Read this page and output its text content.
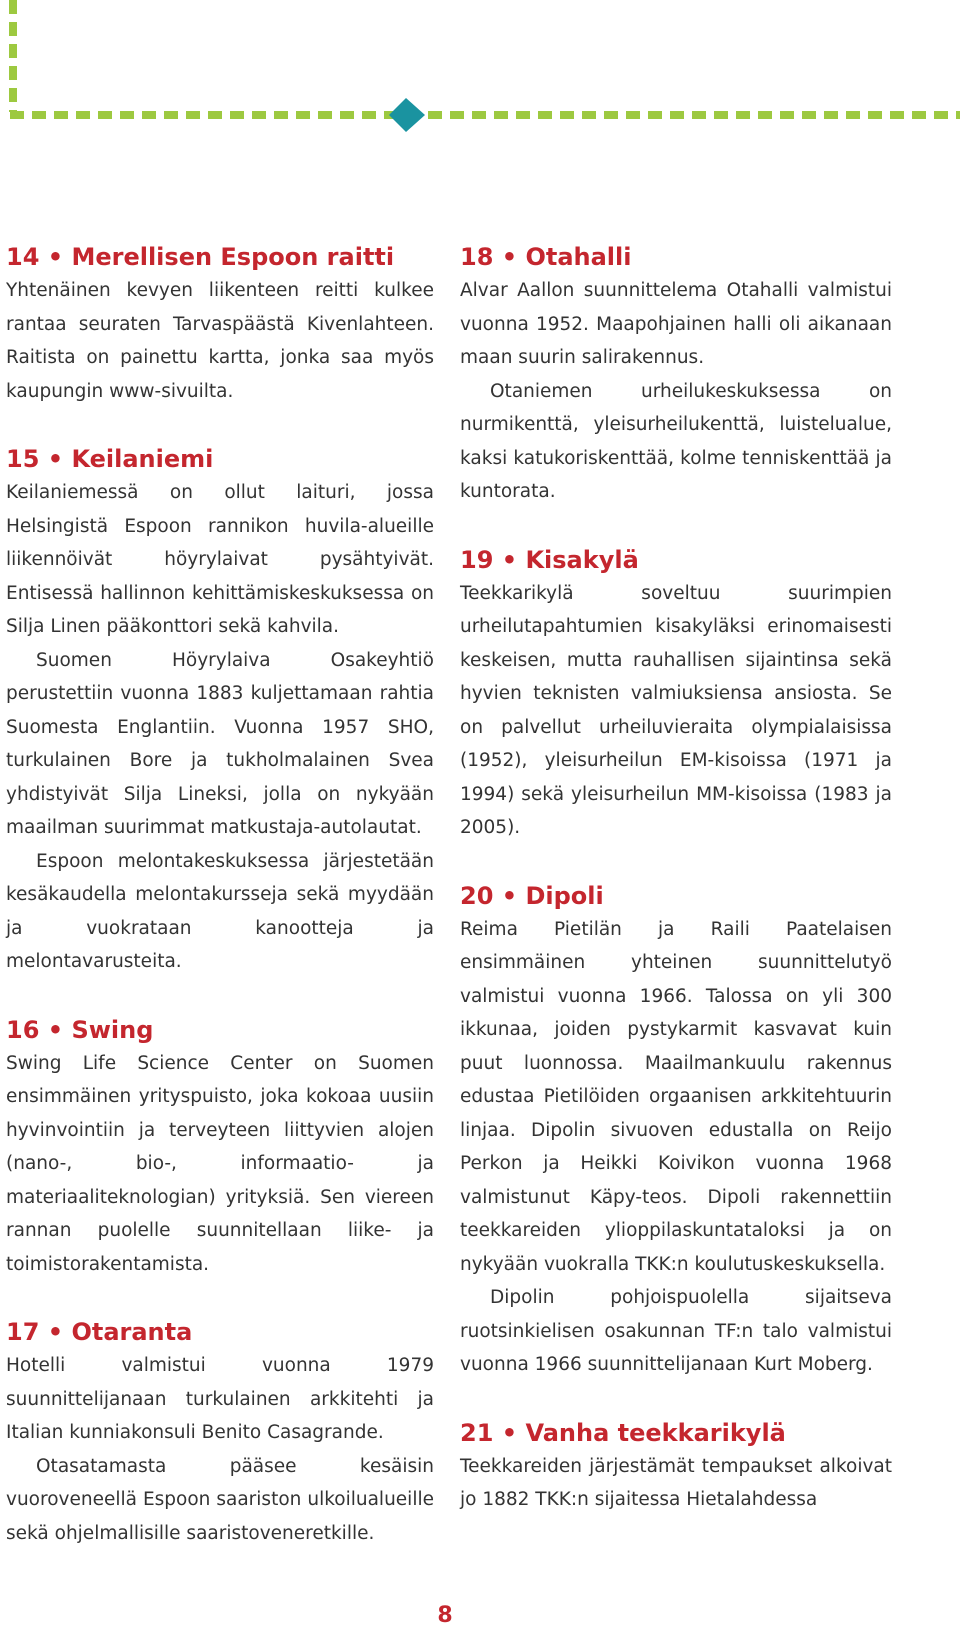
14 • Merellisen Espoon raitti

Yhtenäinen kevyen liikenteen reitti kulkee rantaa seuraten Tarvaspäästä Kivenlahteen. Raitista on painettu kartta, jonka saa myös kaupungin www-sivuilta.

15 • Keilaniemi

Keilaniemessä on ollut laituri, jossa Helsingistä Espoon rannikon huvila-alueille liikennöivät höyrylaivat pysähtyivät. Entisessä hallinnon kehittämiskeskuksessa on Silja Linen pääkonttori sekä kahvila.

Suomen Höyrylaiva Osakeyhtiö perustettiin vuonna 1883 kuljettamaan rahtia Suomesta Englantiin. Vuonna 1957 SHO, turkulainen Bore ja tukholmalainen Svea yhdistyivät Silja Lineksi, jolla on nykyään maailman suurimmat matkustaja-autolautat.

Espoon melontakeskuksessa järjestetään kesäkaudella melontakursseja sekä myydään ja vuokrataan kanootteja ja melontavarusteita.

16 • Swing

Swing Life Science Center on Suomen ensimmäinen yrityspuisto, joka kokoaa uusiin hyvinvointiin ja terveyteen liittyvien alojen (nano-, bio-, informaatio- ja materiaaliteknologian) yrityksiä. Sen viereen rannan puolelle suunnitellaan liike- ja toimistorakentamista.

17 • Otaranta

Hotelli valmistui vuonna 1979 suunnittelijanaan turkulainen arkkitehti ja Italian kunniakonsuli Benito Casagrande.

Otasatamasta pääsee kesäisin vuoroveneellä Espoon saariston ulkoilualueille sekä ohjelmallisille saaristoveneretkille.

18 • Otahalli

Alvar Aallon suunnittelema Otahalli valmistui vuonna 1952. Maapohjainen halli oli aikanaan maan suurin salirakennus.

Otaniemen urheilukeskuksessa on nurmikenttä, yleisurheilukenttä, luistelualue, kaksi katukoriskenttää, kolme tenniskenttää ja kuntorata.

19 • Kisakylä

Teekkarikylä soveltuu suurimpien urheilutapahtumien kisakyläksi erinomaisesti keskeisen, mutta rauhallisen sijaintinsa sekä hyvien teknisten valmiuksiensa ansiosta. Se on palvellut urheiluvieraita olympialaisissa (1952), yleisurheilun EM-kisoissa (1971 ja 1994) sekä yleisurheilun MM-kisoissa (1983 ja 2005).

20 • Dipoli

Reima Pietilän ja Raili Paatelaisen ensimmäinen yhteinen suunnittelutyö valmistui vuonna 1966. Talossa on yli 300 ikkunaa, joiden pystykarmit kasvavat kuin puut luonnossa. Maailmankuulu rakennus edustaa Pietilöiden orgaanisen arkkitehtuurin linjaa. Dipolin sivuoven edustalla on Reijo Perkon ja Heikki Koivikon vuonna 1968 valmistunut Käpy-teos. Dipoli rakennettiin teekkareiden ylioppilaskuntataloksi ja on nykyään vuokralla TKK:n koulutuskeskuksella.

Dipolin pohjoispuolella sijaitseva ruotsinkielisen osakunnan TF:n talo valmistui vuonna 1966 suunnittelijanaan Kurt Moberg.

21 • Vanha teekkarikylä

Teekkareiden järjestämät tempaukset alkoivat jo 1882 TKK:n sijaitessa Hietalahdessa

8
